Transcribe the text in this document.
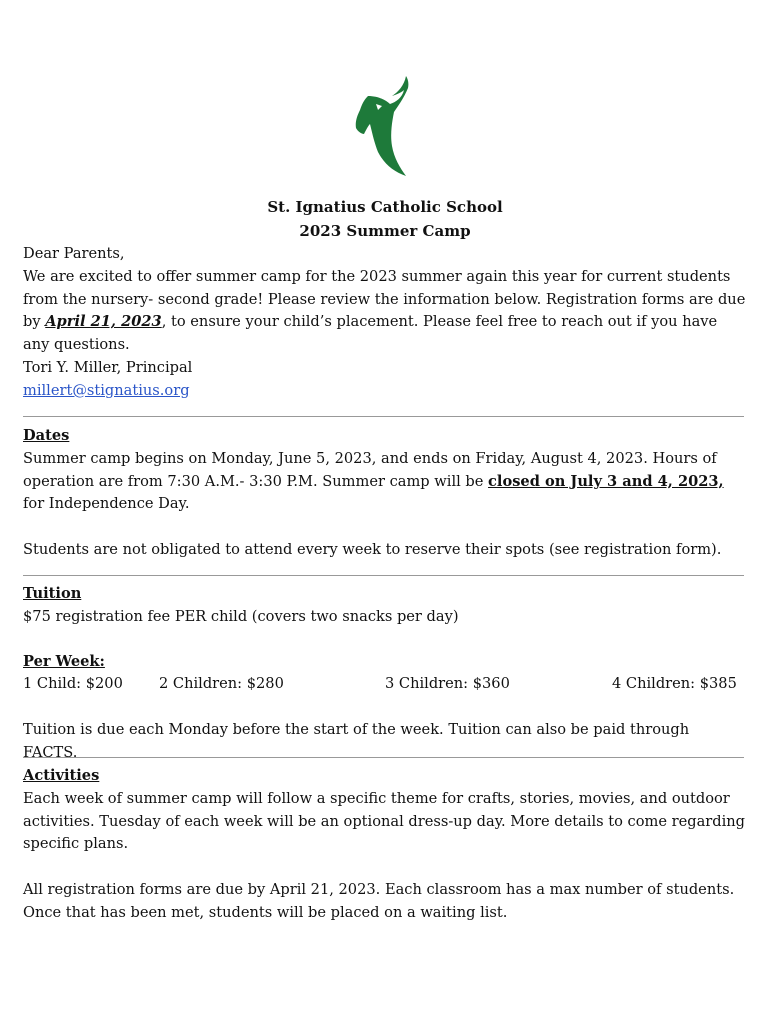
St. Ignatius Catholic School
2023 Summer Camp

Dear Parents,

We are excited to offer summer camp for the 2023 summer again this year for current students from the nursery- second grade! Please review the information below. Registration forms are due by April 21, 2023, to ensure your child’s placement. Please feel free to reach out if you have any questions.

Tori Y. Miller, Principal

millert@stignatius.org

Dates

Summer camp begins on Monday, June 5, 2023, and ends on Friday, August 4, 2023. Hours of operation are from 7:30 A.M.- 3:30 P.M. Summer camp will be closed on July 3 and 4, 2023, for Independence Day.

Students are not obligated to attend every week to reserve their spots (see registration form).

Tuition

$75 registration fee PER child (covers two snacks per day)

Per Week:

1 Child: $200 2 Children: $280	3 Children: $360	4 Children: $385

Tuition is due each Monday before the start of the week. Tuition can also be paid through FACTS.

Activities

Each week of summer camp will follow a specific theme for crafts, stories, movies, and outdoor activities. Tuesday of each week will be an optional dress-up day. More details to come regarding specific plans.

All registration forms are due by April 21, 2023. Each classroom has a max number of students. Once that has been met, students will be placed on a waiting list.
